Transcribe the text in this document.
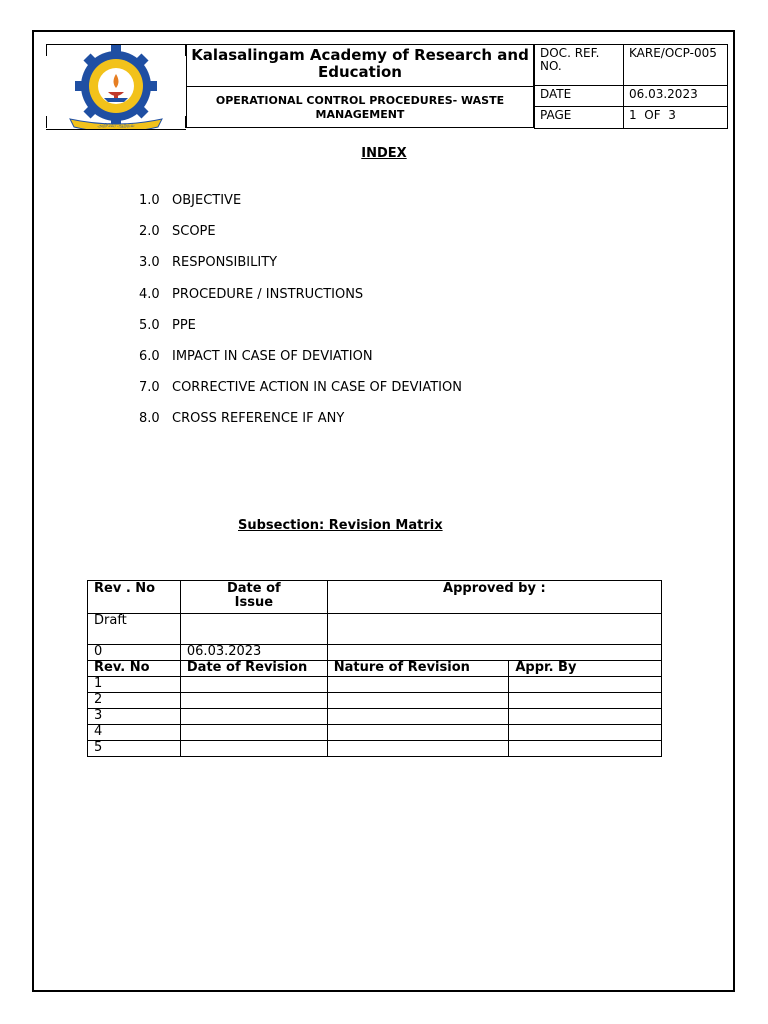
அறிவே ஆற்றல்
Kalasalingam Academy of Research and Education
OPERATIONAL CONTROL PROCEDURES- WASTE MANAGEMENT
DOC. REF. NO.	KARE/OCP-005
DATE	06.03.2023
PAGE	1  OF  3
INDEX
1.0 OBJECTIVE
2.0 SCOPE
3.0 RESPONSIBILITY
4.0 PROCEDURE / INSTRUCTIONS
5.0 PPE
6.0 IMPACT IN CASE OF DEVIATION
7.0 CORRECTIVE ACTION IN CASE OF DEVIATION
8.0 CROSS REFERENCE IF ANY
Subsection: Revision Matrix
Rev . No	Date of Issue	Approved by :	
Draft			
0	06.03.2023		
Rev. No	Date of Revision	Nature of Revision	Appr. By
1			
2			
3			
4			
5			
